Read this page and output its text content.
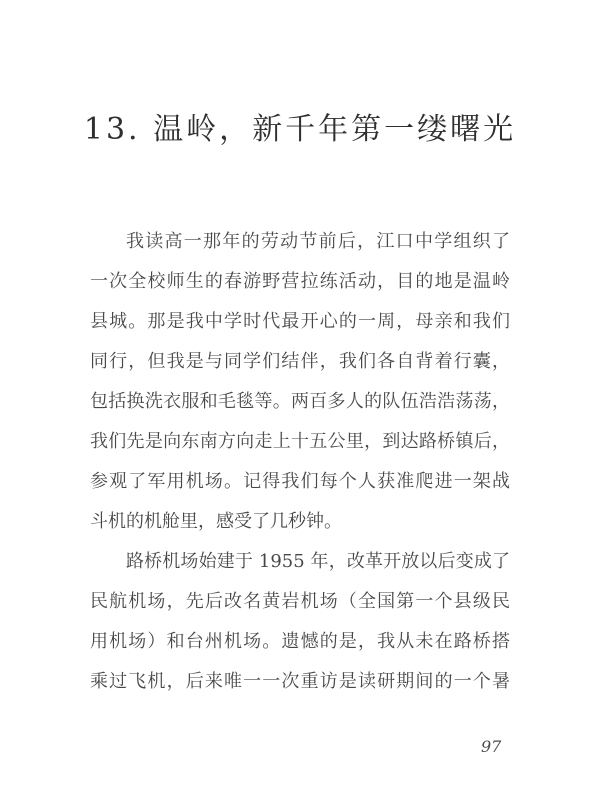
13. 温岭，新千年第一缕曙光
我读高一那年的劳动节前后，江口中学组织了
一次全校师生的春游野营拉练活动，目的地是温岭
县城。那是我中学时代最开心的一周，母亲和我们
同行，但我是与同学们结伴，我们各自背着行囊，
包括换洗衣服和毛毯等。两百多人的队伍浩浩荡荡，
我们先是向东南方向走上十五公里，到达路桥镇后，
参观了军用机场。记得我们每个人获准爬进一架战
斗机的机舱里，感受了几秒钟。
路桥机场始建于 1955 年，改革开放以后变成了
民航机场，先后改名黄岩机场（全国第一个县级民
用机场）和台州机场。遗憾的是，我从未在路桥搭
乘过飞机，后来唯一一次重访是读研期间的一个暑
97
